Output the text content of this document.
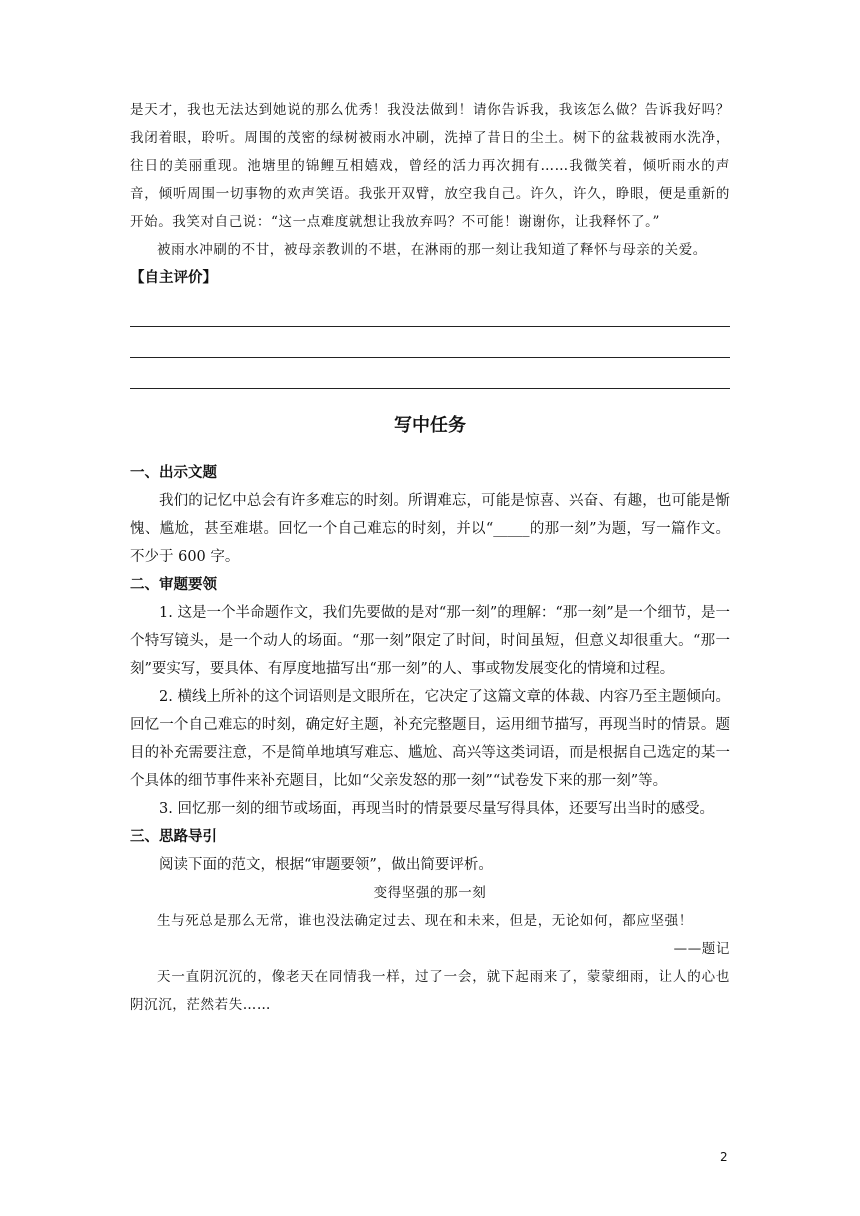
是天才，我也无法达到她说的那么优秀！我没法做到！请你告诉我，我该怎么做？告诉我好吗？我闭着眼，聆听。周围的茂密的绿树被雨水冲刷，洗掉了昔日的尘土。树下的盆栽被雨水洗净，往日的美丽重现。池塘里的锦鲤互相嬉戏，曾经的活力再次拥有……我微笑着，倾听雨水的声音，倾听周围一切事物的欢声笑语。我张开双臂，放空我自己。许久，许久，睁眼，便是重新的开始。我笑对自己说：“这一点难度就想让我放弃吗？不可能！谢谢你，让我释怀了。”

被雨水冲刷的不甘，被母亲教训的不堪，在淋雨的那一刻让我知道了释怀与母亲的关爱。

【自主评价】
写中任务
一、出示文题

我们的记忆中总会有许多难忘的时刻。所谓难忘，可能是惊喜、兴奋、有趣，也可能是惭愧、尴尬，甚至难堪。回忆一个自己难忘的时刻，并以“_____的那一刻”为题，写一篇作文。不少于 600 字。

二、审题要领

1. 这是一个半命题作文，我们先要做的是对“那一刻”的理解：“那一刻”是一个细节，是一个特写镜头，是一个动人的场面。“那一刻”限定了时间，时间虽短，但意义却很重大。“那一刻”要实写，要具体、有厚度地描写出“那一刻”的人、事或物发展变化的情境和过程。

2. 横线上所补的这个词语则是文眼所在，它决定了这篇文章的体裁、内容乃至主题倾向。回忆一个自己难忘的时刻，确定好主题，补充完整题目，运用细节描写，再现当时的情景。题目的补充需要注意，不是简单地填写难忘、尴尬、高兴等这类词语，而是根据自己选定的某一个具体的细节事件来补充题目，比如“父亲发怒的那一刻”“试卷发下来的那一刻”等。

3. 回忆那一刻的细节或场面，再现当时的情景要尽量写得具体，还要写出当时的感受。

三、思路导引

阅读下面的范文，根据“审题要领”，做出简要评析。

变得坚强的那一刻

生与死总是那么无常，谁也没法确定过去、现在和未来，但是，无论如何，都应坚强！

——题记

天一直阴沉沉的，像老天在同情我一样，过了一会，就下起雨来了，蒙蒙细雨，让人的心也阴沉沉，茫然若失……

2
